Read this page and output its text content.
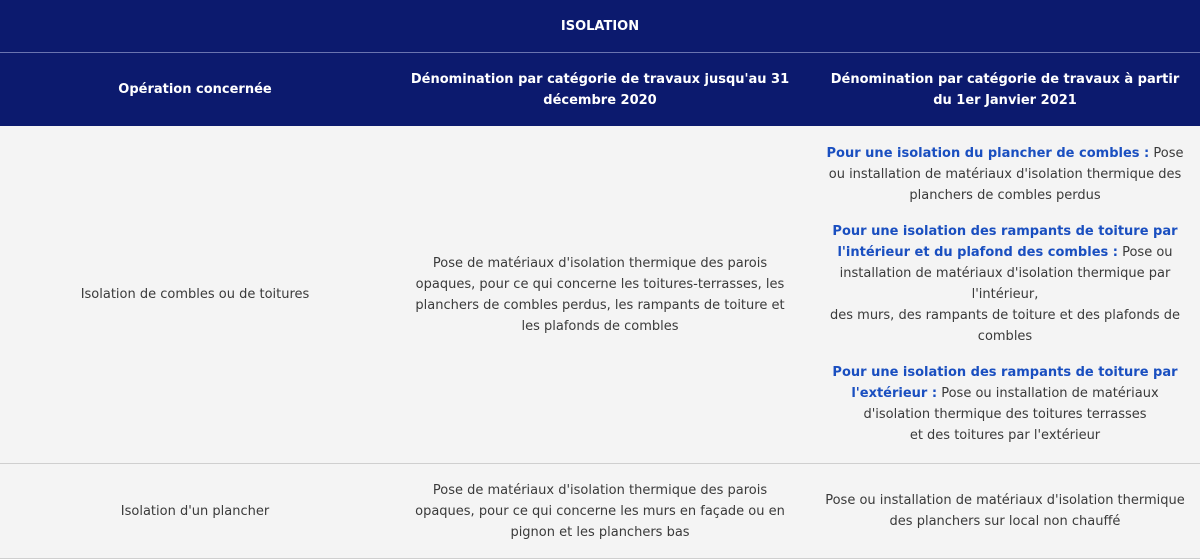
ISOLATION		
Opération concernée	Dénomination par catégorie de travaux jusqu'au 31 décembre 2020	Dénomination par catégorie de travaux à partir du 1er Janvier 2021
Isolation de combles ou de toitures	Pose de matériaux d'isolation thermique des parois opaques, pour ce qui concerne les toitures-terrasses, les planchers de combles perdus, les rampants de toiture et les plafonds de combles	Pour une isolation du plancher de combles : Pose ou installation de matériaux d'isolation thermique des planchers de combles perdus

Pour une isolation des rampants de toiture par l'intérieur et du plafond des combles : Pose ou installation de matériaux d'isolation thermique par l'intérieur,
des murs, des rampants de toiture et des plafonds de combles

Pour une isolation des rampants de toiture par l'extérieur : Pose ou installation de matériaux d'isolation thermique des toitures terrasses
et des toitures par l'extérieur

Isolation d'un plancher	Pose de matériaux d'isolation thermique des parois opaques, pour ce qui concerne les murs en façade ou en pignon et les planchers bas	Pose ou installation de matériaux d'isolation thermique des planchers sur local non chauffé
